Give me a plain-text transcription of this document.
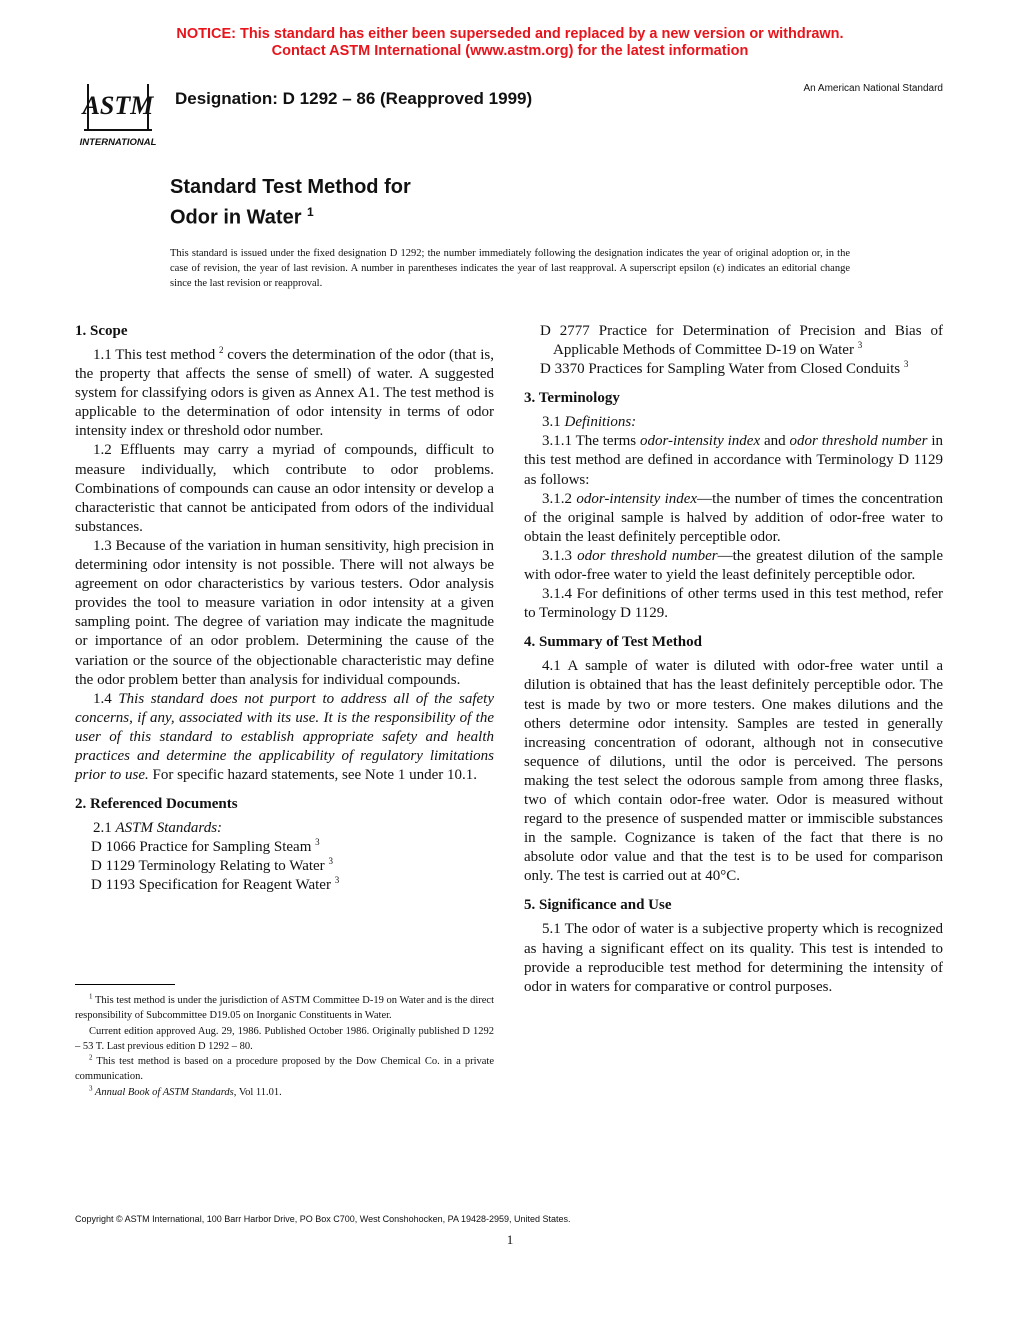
NOTICE: This standard has either been superseded and replaced by a new version or withdrawn.
Contact ASTM International (www.astm.org) for the latest information
ASTM
INTERNATIONAL
Designation: D 1292 – 86 (Reapproved 1999)
An American National Standard
Standard Test Method for
Odor in Water $^1$
This standard is issued under the fixed designation D 1292; the number immediately following the designation indicates the year of original adoption or, in the case of revision, the year of last revision. A number in parentheses indicates the year of last reapproval. A superscript epsilon (ϵ) indicates an editorial change since the last revision or reapproval.
1. Scope

1.1 This test method $^2$ covers the determination of the odor (that is, the property that affects the sense of smell) of water. A suggested system for classifying odors is given as Annex A1. The test method is applicable to the determination of odor intensity in terms of odor intensity index or threshold odor number.

1.2 Effluents may carry a myriad of compounds, difficult to measure individually, which contribute to odor problems. Combinations of compounds can cause an odor intensity or develop a characteristic that cannot be anticipated from odors of the individual substances.

1.3 Because of the variation in human sensitivity, high precision in determining odor intensity is not possible. There will not always be agreement on odor characteristics by various testers. Odor analysis provides the tool to measure variation in odor intensity at a given sampling point. The degree of variation may indicate the magnitude or importance of an odor problem. Determining the cause of the variation or the source of the objectionable characteristic may define the odor problem better than analysis for individual compounds.

1.4 This standard does not purport to address all of the safety concerns, if any, associated with its use. It is the responsibility of the user of this standard to establish appropriate safety and health practices and determine the applicability of regulatory limitations prior to use. For specific hazard statements, see Note 1 under 10.1.

2. Referenced Documents

2.1 ASTM Standards:

D 1066 Practice for Sampling Steam $^3$

D 1129 Terminology Relating to Water $^3$

D 1193 Specification for Reagent Water $^3$

$^1$ This test method is under the jurisdiction of ASTM Committee D-19 on Water and is the direct responsibility of Subcommittee D19.05 on Inorganic Constituents in Water.

Current edition approved Aug. 29, 1986. Published October 1986. Originally published D 1292 – 53 T. Last previous edition D 1292 – 80.

$^2$ This test method is based on a procedure proposed by the Dow Chemical Co. in a private communication.

$^3$ Annual Book of ASTM Standards, Vol 11.01.

D 2777 Practice for Determination of Precision and Bias of Applicable Methods of Committee D-19 on Water $^3$

D 3370 Practices for Sampling Water from Closed Conduits $^3$

3. Terminology

3.1 Definitions:

3.1.1 The terms odor-intensity index and odor threshold number in this test method are defined in accordance with Terminology D 1129 as follows:

3.1.2 odor-intensity index—the number of times the concentration of the original sample is halved by addition of odor-free water to obtain the least definitely perceptible odor.

3.1.3 odor threshold number—the greatest dilution of the sample with odor-free water to yield the least definitely perceptible odor.

3.1.4 For definitions of other terms used in this test method, refer to Terminology D 1129.

4. Summary of Test Method

4.1 A sample of water is diluted with odor-free water until a dilution is obtained that has the least definitely perceptible odor. The test is made by two or more testers. One makes dilutions and the others determine odor intensity. Samples are tested in generally increasing concentration of odorant, although not in consecutive sequence of dilutions, until the odor is perceived. The persons making the test select the odorous sample from among three flasks, two of which contain odor-free water. Odor is measured without regard to the presence of suspended matter or immiscible substances in the sample. Cognizance is taken of the fact that there is no absolute odor value and that the test is to be used for comparison only. The test is carried out at 40°C.

5. Significance and Use

5.1 The odor of water is a subjective property which is recognized as having a significant effect on its quality. This test is intended to provide a reproducible test method for determining the intensity of odor in waters for comparative or control purposes.

Copyright © ASTM International, 100 Barr Harbor Drive, PO Box C700, West Conshohocken, PA 19428-2959, United States.
1
